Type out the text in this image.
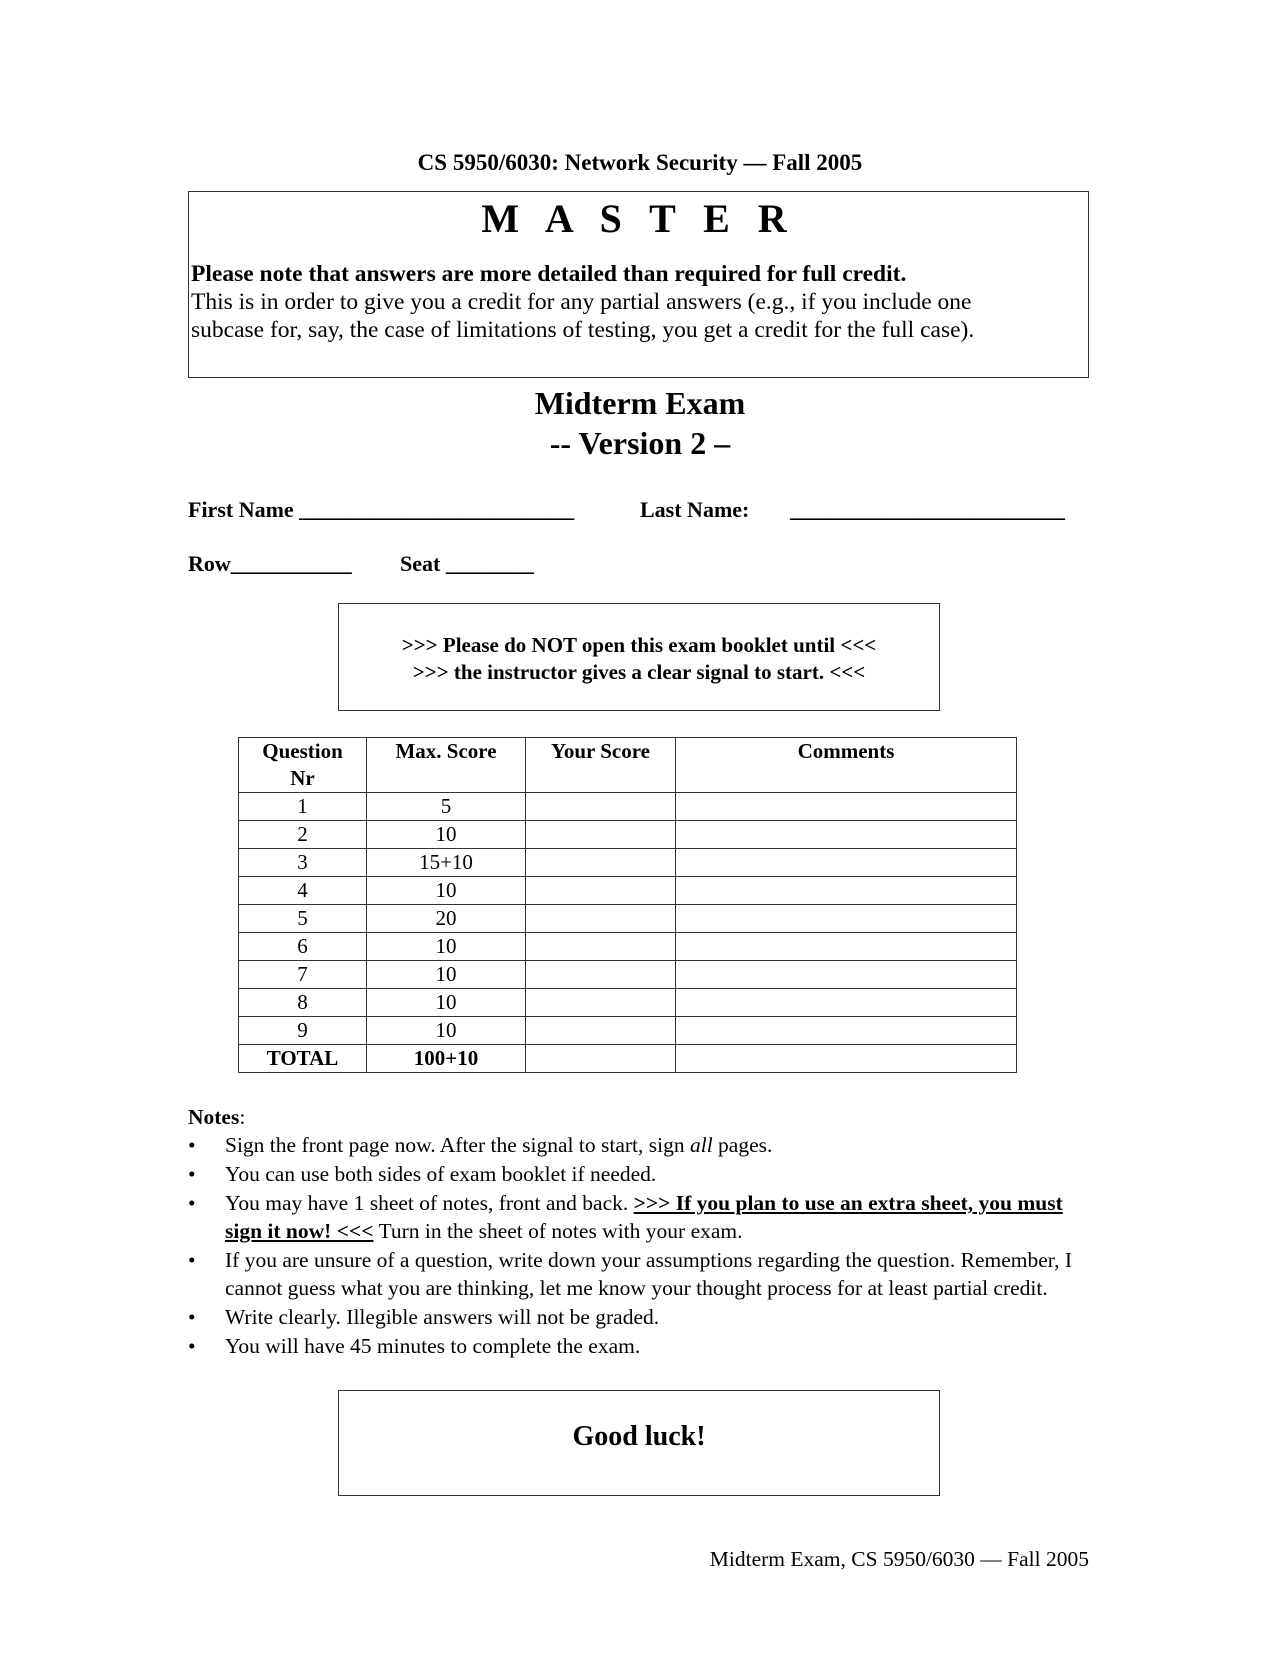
CS 5950/6030: Network Security — Fall 2005
M A S T E R
Please note that answers are more detailed than required for full credit.
This is in order to give you a credit for any partial answers (e.g., if you include one
subcase for, say, the case of limitations of testing, you get a credit for the full case).
Midterm Exam
-- Version 2 –
First Name _________________________	Last Name: _________________________
Row___________ Seat ________
>>> Please do NOT open this exam booklet until <<<
>>> the instructor gives a clear signal to start. <<<
Question
Nr	Max. Score	Your Score	Comments
1	5		
2	10		
3	15+10		
4	10		
5	20		
6	10		
7	10		
8	10		
9	10		
TOTAL	100+10		
Notes:
• Sign the front page now. After the signal to start, sign all pages.
• You can use both sides of exam booklet if needed.
• You may have 1 sheet of notes, front and back. >>> If you plan to use an extra sheet, you must sign it now! <<< Turn in the sheet of notes with your exam.
• If you are unsure of a question, write down your assumptions regarding the question. Remember, I cannot guess what you are thinking, let me know your thought process for at least partial credit.
• Write clearly. Illegible answers will not be graded.
• You will have 45 minutes to complete the exam.
Good luck!
Midterm Exam, CS 5950/6030 — Fall 2005
